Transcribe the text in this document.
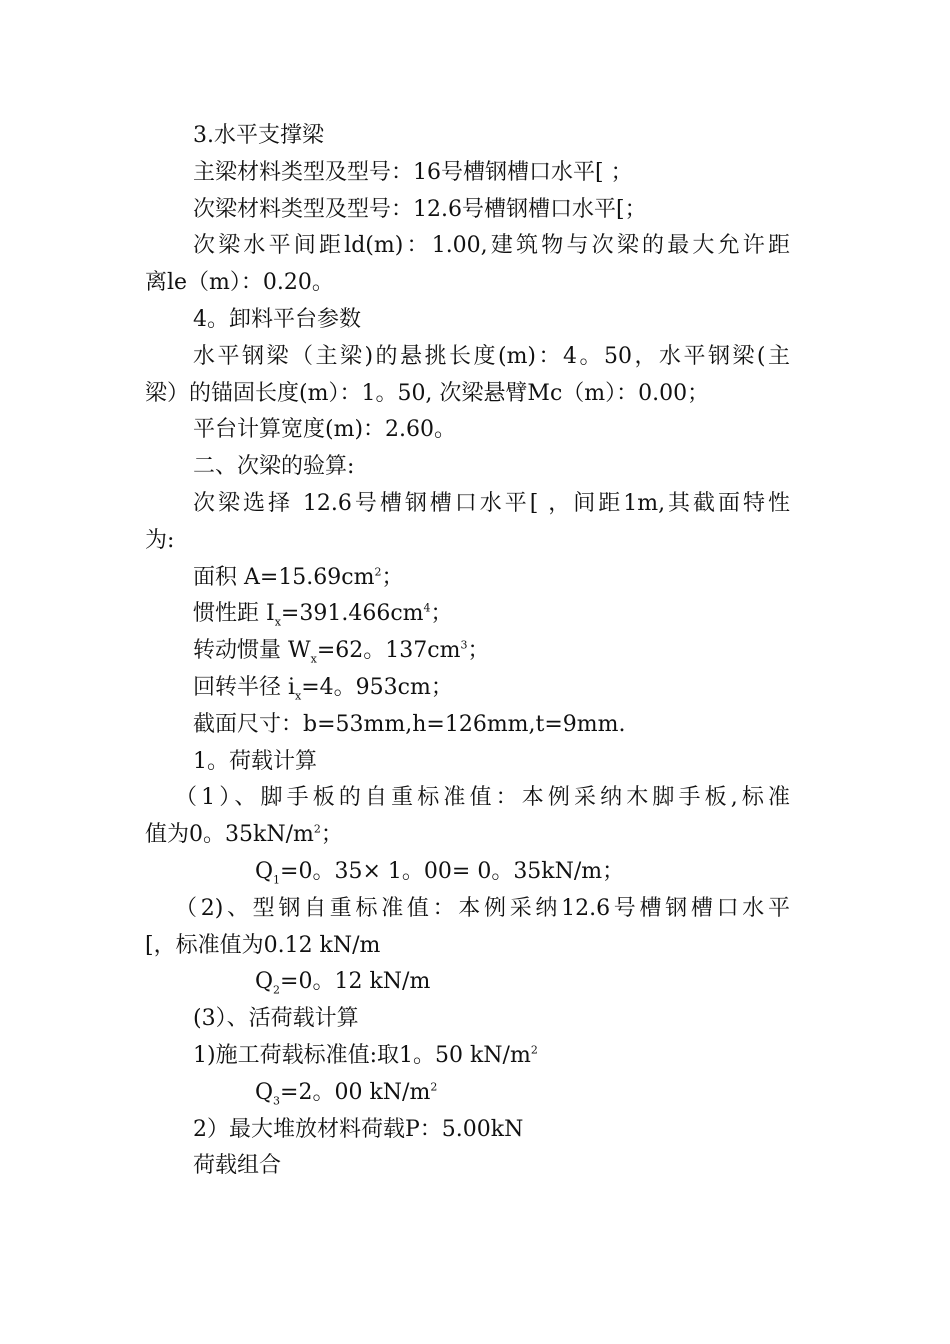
3.水平支撑梁
主梁材料类型及型号：16号槽钢槽口水平[ ；
次梁材料类型及型号：12.6号槽钢槽口水平[；
次梁水平间距ld(m)：1.00,建筑物与次梁的最大允许距
离le（m）：0.20。
4。卸料平台参数
水平钢梁（主梁)的悬挑长度(m)：4。50，水平钢梁(主
梁）的锚固长度(m）：1。50, 次梁悬臂Mc（m）：0.00；
平台计算宽度(m)：2.60。
二、次梁的验算:
次梁选择 12.6号槽钢槽口水平[ ，间距1m,其截面特性
为:
面积 $A=15.69cm^2$；
惯性距 $I_x=391.466cm^4$；
转动惯量 $W_x=62$。$137cm^3$；
回转半径 $i_x=4$。953cm；
截面尺寸：b=53mm,h=126mm,t=9mm.
1。荷载计算
（1）、脚手板的自重标准值：本例采纳木脚手板,标准
值为0。$35kN/m^2$；
$Q_1=0$。35× 1。00= 0。35kN/m；
（2)、型钢自重标准值：本例采纳12.6号槽钢槽口水平
[，标准值为0.12 kN/m
$Q_2=0$。12 kN/m
(3）、活荷载计算
1)施工荷载标准值:取1。50 $kN/m^2$
$Q_3=2$。00 $kN/m^2$
2）最大堆放材料荷载P：5.00kN
荷载组合
